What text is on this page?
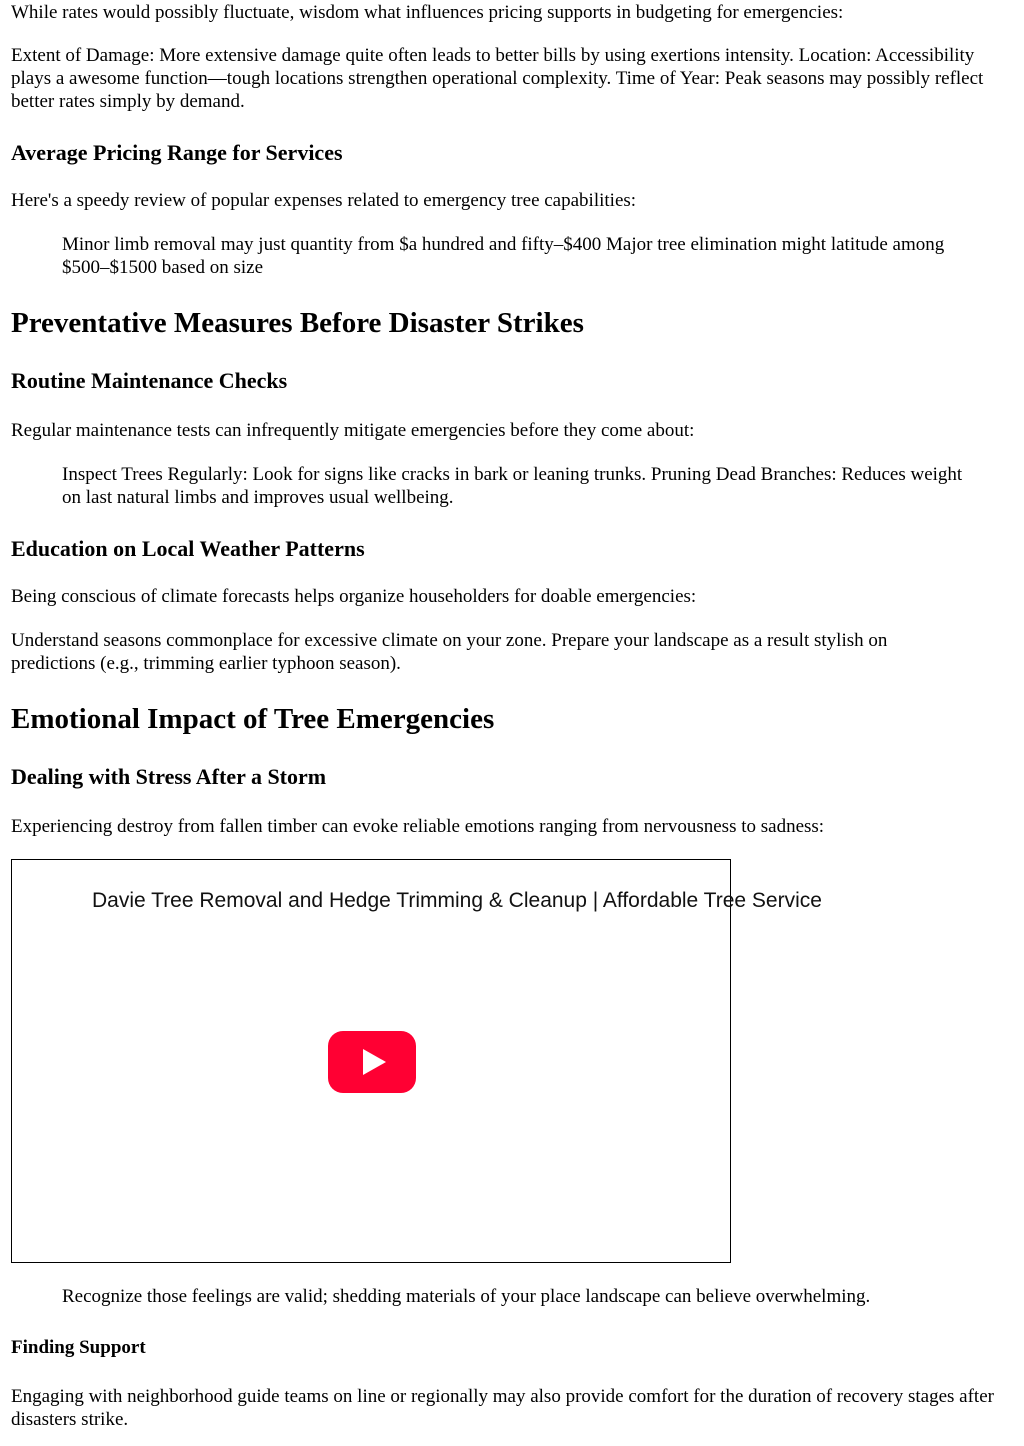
While rates would possibly fluctuate, wisdom what influences pricing supports in budgeting for emergencies:

Extent of Damage: More extensive damage quite often leads to better bills by using exertions intensity. Location: Accessibility plays a awesome function—tough locations strengthen operational complexity. Time of Year: Peak seasons may possibly reflect better rates simply by demand.

Average Pricing Range for Services

Here's a speedy review of popular expenses related to emergency tree capabilities:

Minor limb removal may just quantity from $a hundred and fifty–$400 Major tree elimination might latitude among $500–$1500 based on size

Preventative Measures Before Disaster Strikes
Routine Maintenance Checks

Regular maintenance tests can infrequently mitigate emergencies before they come about:

Inspect Trees Regularly: Look for signs like cracks in bark or leaning trunks. Pruning Dead Branches: Reduces weight on last natural limbs and improves usual wellbeing.

Education on Local Weather Patterns

Being conscious of climate forecasts helps organize householders for doable emergencies:

Understand seasons commonplace for excessive climate on your zone. Prepare your landscape as a result stylish on predictions (e.g., trimming earlier typhoon season).

Emotional Impact of Tree Emergencies
Dealing with Stress After a Storm

Experiencing destroy from fallen timber can evoke reliable emotions ranging from nervousness to sadness:

Davie Tree Removal and Hedge Trimming & Cleanup | Affordable Tree Service

Recognize those feelings are valid; shedding materials of your place landscape can believe overwhelming.

Finding Support

Engaging with neighborhood guide teams on line or regionally may also provide comfort for the duration of recovery stages after disasters strike.
